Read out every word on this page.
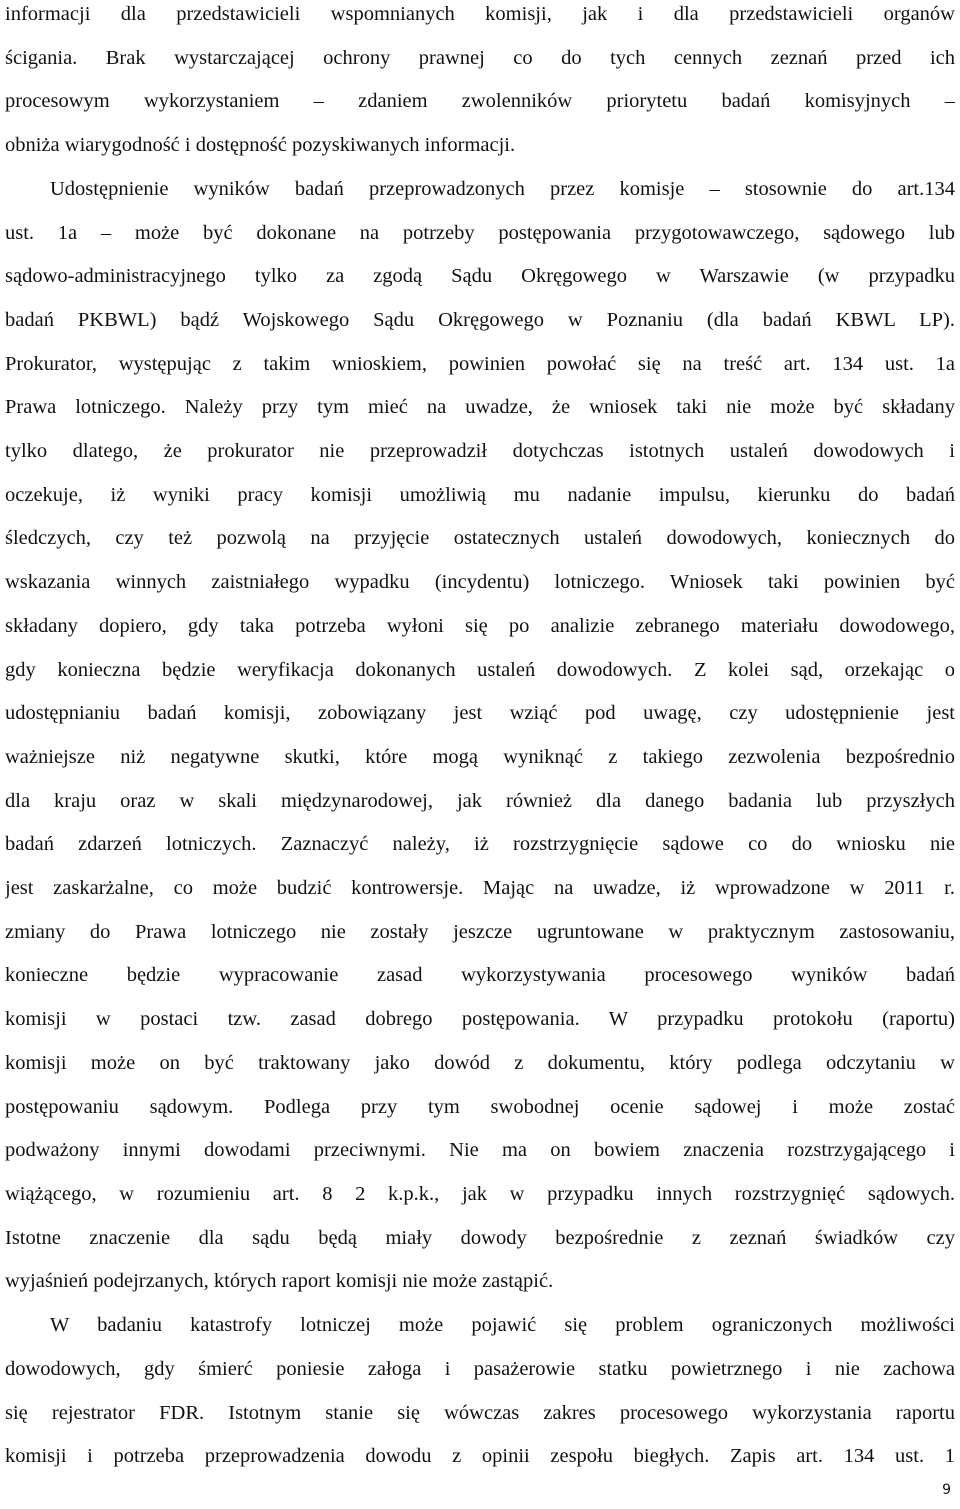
informacji dla przedstawicieli wspomnianych komisji, jak i dla przedstawicieli organów
ścigania. Brak wystarczającej ochrony prawnej co do tych cennych zeznań przed ich
procesowym wykorzystaniem – zdaniem zwolenników priorytetu badań komisyjnych –
obniża wiarygodność i dostępność pozyskiwanych informacji.

Udostępnienie wyników badań przeprowadzonych przez komisje – stosownie do art.134
ust. 1a – może być dokonane na potrzeby postępowania przygotowawczego, sądowego lub
sądowo-administracyjnego tylko za zgodą Sądu Okręgowego w Warszawie (w przypadku
badań PKBWL) bądź Wojskowego Sądu Okręgowego w Poznaniu (dla badań KBWL LP).
Prokurator, występując z takim wnioskiem, powinien powołać się na treść art. 134 ust. 1a
Prawa lotniczego. Należy przy tym mieć na uwadze, że wniosek taki nie może być składany
tylko dlatego, że prokurator nie przeprowadził dotychczas istotnych ustaleń dowodowych i
oczekuje, iż wyniki pracy komisji umożliwią mu nadanie impulsu, kierunku do badań
śledczych, czy też pozwolą na przyjęcie ostatecznych ustaleń dowodowych, koniecznych do
wskazania winnych zaistniałego wypadku (incydentu) lotniczego. Wniosek taki powinien być
składany dopiero, gdy taka potrzeba wyłoni się po analizie zebranego materiału dowodowego,
gdy konieczna będzie weryfikacja dokonanych ustaleń dowodowych. Z kolei sąd, orzekając o
udostępnianiu badań komisji, zobowiązany jest wziąć pod uwagę, czy udostępnienie jest
ważniejsze niż negatywne skutki, które mogą wyniknąć z takiego zezwolenia bezpośrednio
dla kraju oraz w skali międzynarodowej, jak również dla danego badania lub przyszłych
badań zdarzeń lotniczych. Zaznaczyć należy, iż rozstrzygnięcie sądowe co do wniosku nie
jest zaskarżalne, co może budzić kontrowersje. Mając na uwadze, iż wprowadzone w 2011 r.
zmiany do Prawa lotniczego nie zostały jeszcze ugruntowane w praktycznym zastosowaniu,
konieczne będzie wypracowanie zasad wykorzystywania procesowego wyników badań
komisji w postaci tzw. zasad dobrego postępowania. W przypadku protokołu (raportu)
komisji może on być traktowany jako dowód z dokumentu, który podlega odczytaniu w
postępowaniu sądowym. Podlega przy tym swobodnej ocenie sądowej i może zostać
podważony innymi dowodami przeciwnymi. Nie ma on bowiem znaczenia rozstrzygającego i
wiążącego, w rozumieniu art. 8 2 k.p.k., jak w przypadku innych rozstrzygnięć sądowych.
Istotne znaczenie dla sądu będą miały dowody bezpośrednie z zeznań świadków czy
wyjaśnień podejrzanych, których raport komisji nie może zastąpić.

W badaniu katastrofy lotniczej może pojawić się problem ograniczonych możliwości
dowodowych, gdy śmierć poniesie załoga i pasażerowie statku powietrznego i nie zachowa
się rejestrator FDR. Istotnym stanie się wówczas zakres procesowego wykorzystania raportu
komisji i potrzeba przeprowadzenia dowodu z opinii zespołu biegłych. Zapis art. 134 ust. 1

9
